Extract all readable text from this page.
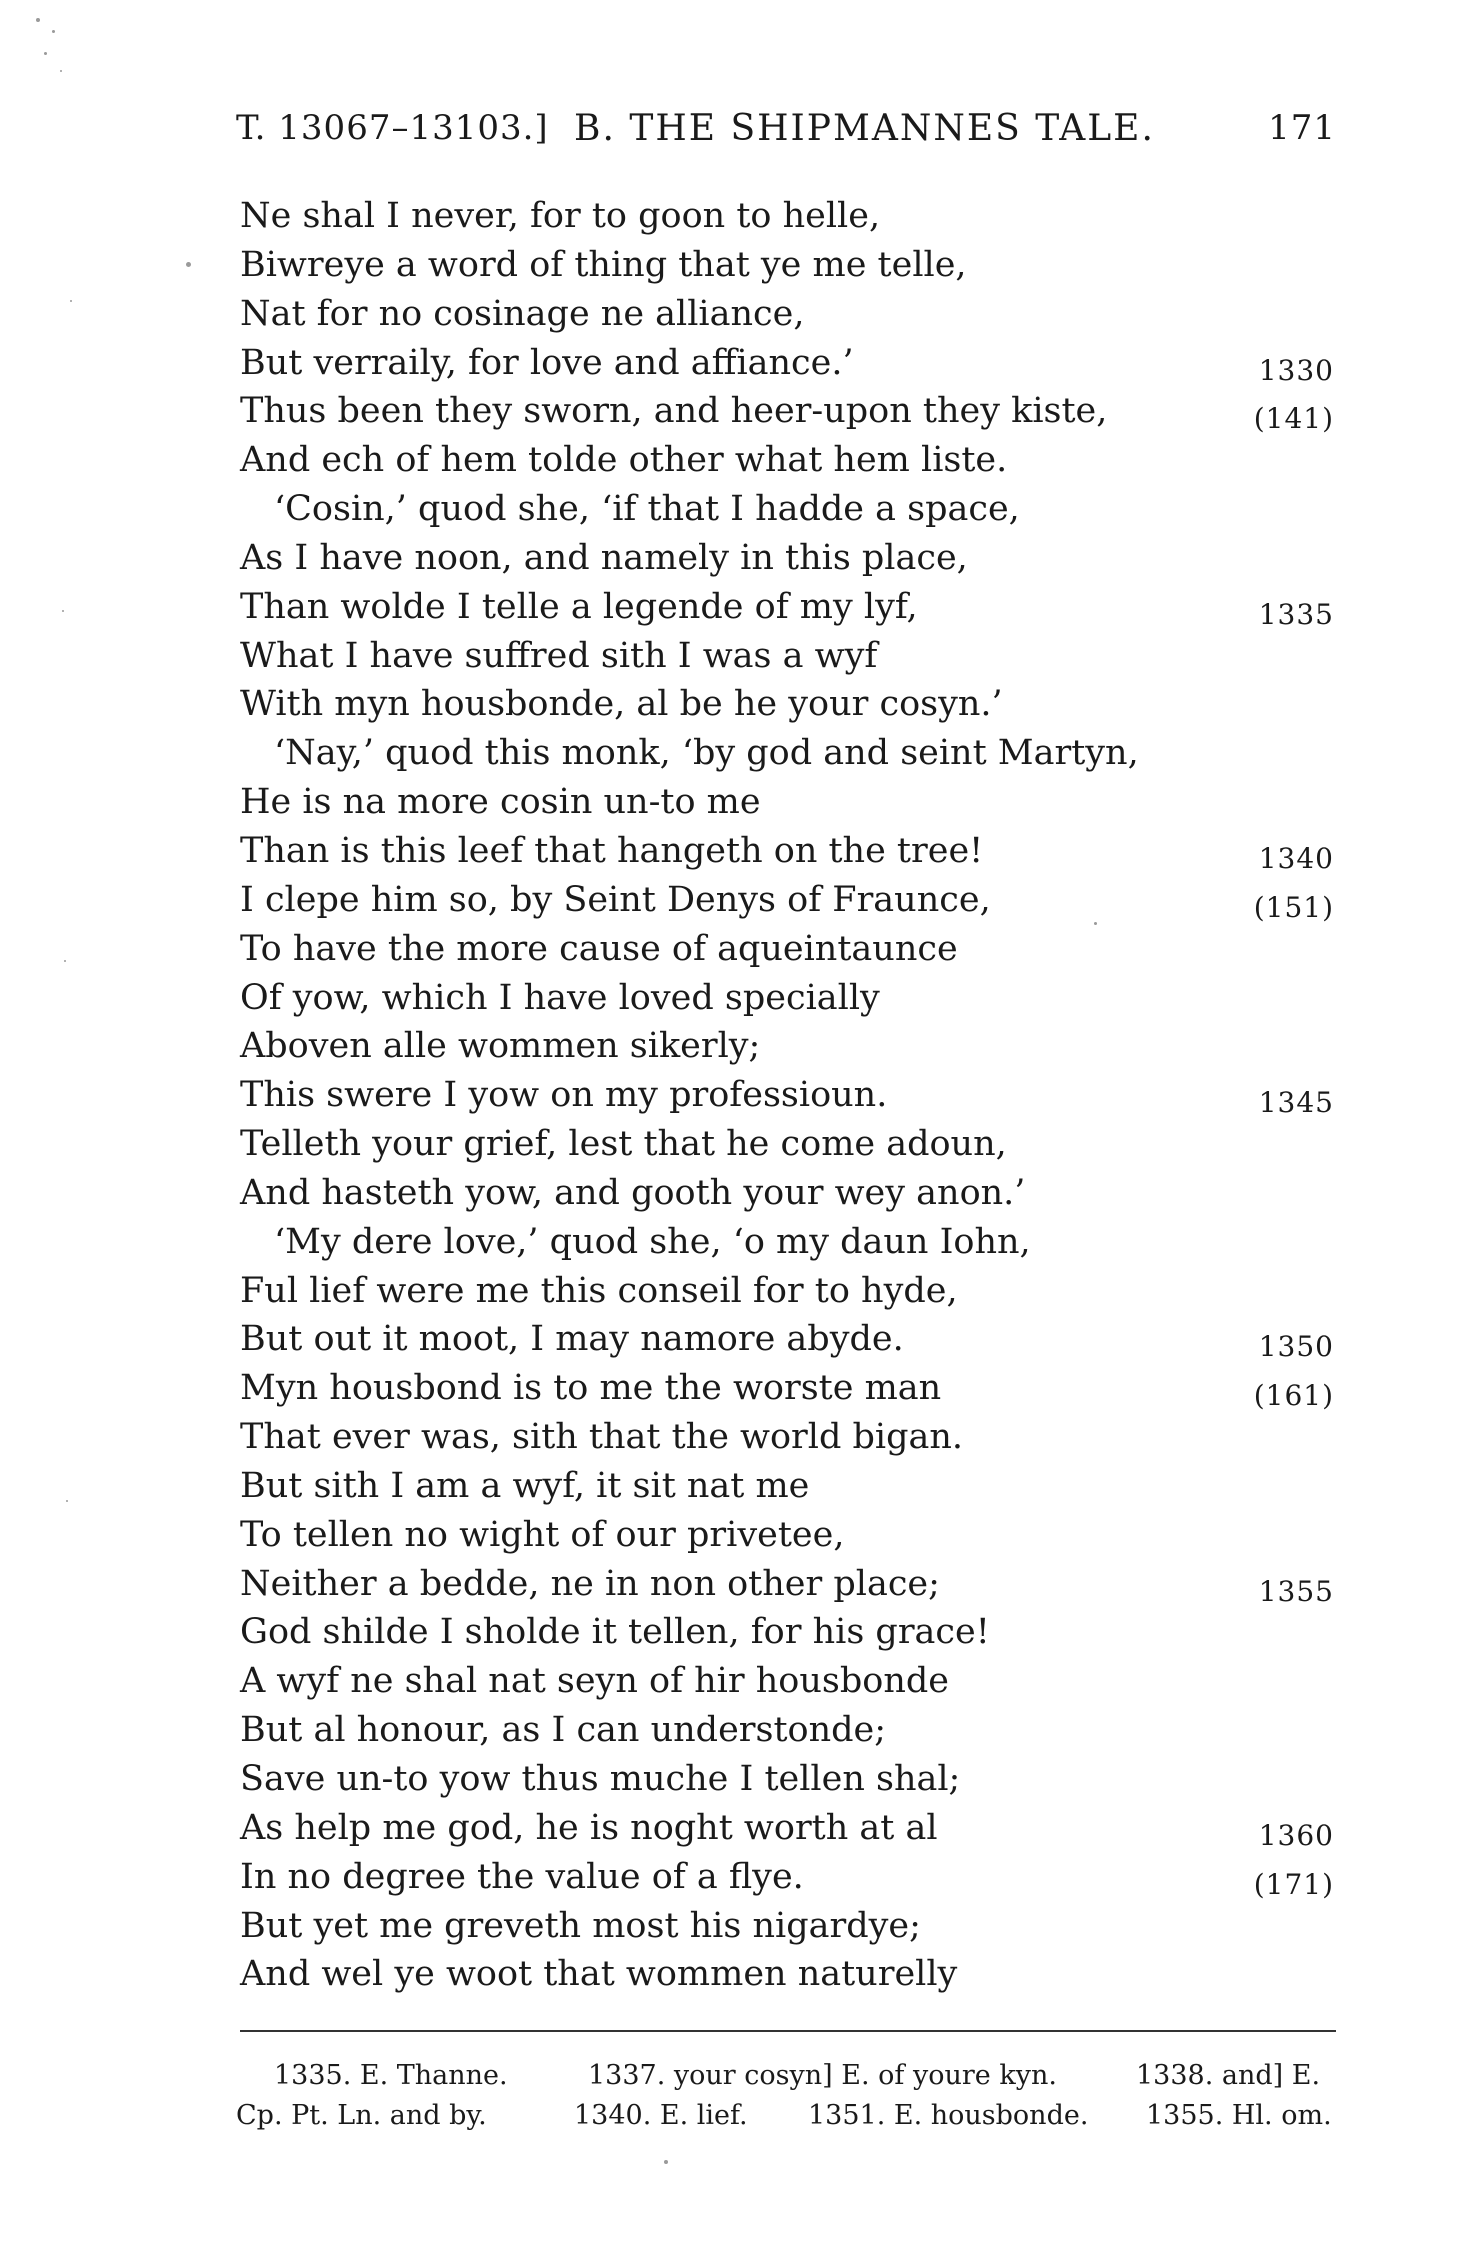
T. 13067–13103.] B. THE SHIPMANNES TALE.	171
Ne shal I never, for to goon to helle,
Biwreye a word of thing that ye me telle,
Nat for no cosinage ne alliance,
But verraily, for love and affiance.’	1330
Thus been they sworn, and heer-upon they kiste,	(141)
And ech of hem tolde other what hem liste.
‘Cosin,’ quod she, ‘if that I hadde a space,
As I have noon, and namely in this place,
Than wolde I telle a legende of my lyf,	1335
What I have suffred sith I was a wyf
With myn housbonde, al be he your cosyn.’
‘Nay,’ quod this monk, ‘by god and seint Martyn,
He is na more cosin un-to me
Than is this leef that hangeth on the tree!	1340
I clepe him so, by Seint Denys of Fraunce,	(151)
To have the more cause of aqueintaunce
Of yow, which I have loved specially
Aboven alle wommen sikerly;
This swere I yow on my professioun.	1345
Telleth your grief, lest that he come adoun,
And hasteth yow, and gooth your wey anon.’
‘My dere love,’ quod she, ‘o my daun Iohn,
Ful lief were me this conseil for to hyde,
But out it moot, I may namore abyde.	1350
Myn housbond is to me the worste man	(161)
That ever was, sith that the world bigan.
But sith I am a wyf, it sit nat me
To tellen no wight of our privetee,
Neither a bedde, ne in non other place;	1355
God shilde I sholde it tellen, for his grace!
A wyf ne shal nat seyn of hir housbonde
But al honour, as I can understonde;
Save un-to yow thus muche I tellen shal;
As help me god, he is noght worth at al	1360
In no degree the value of a flye.	(171)
But yet me greveth most his nigardye;
And wel ye woot that wommen naturelly
1335. E. Thanne.	1337. your cosyn] E. of youre kyn.	1338. and] E.
Cp. Pt. Ln. and by.	1340. E. lief. 1351. E. housbonde. 1355. Hl. om.
